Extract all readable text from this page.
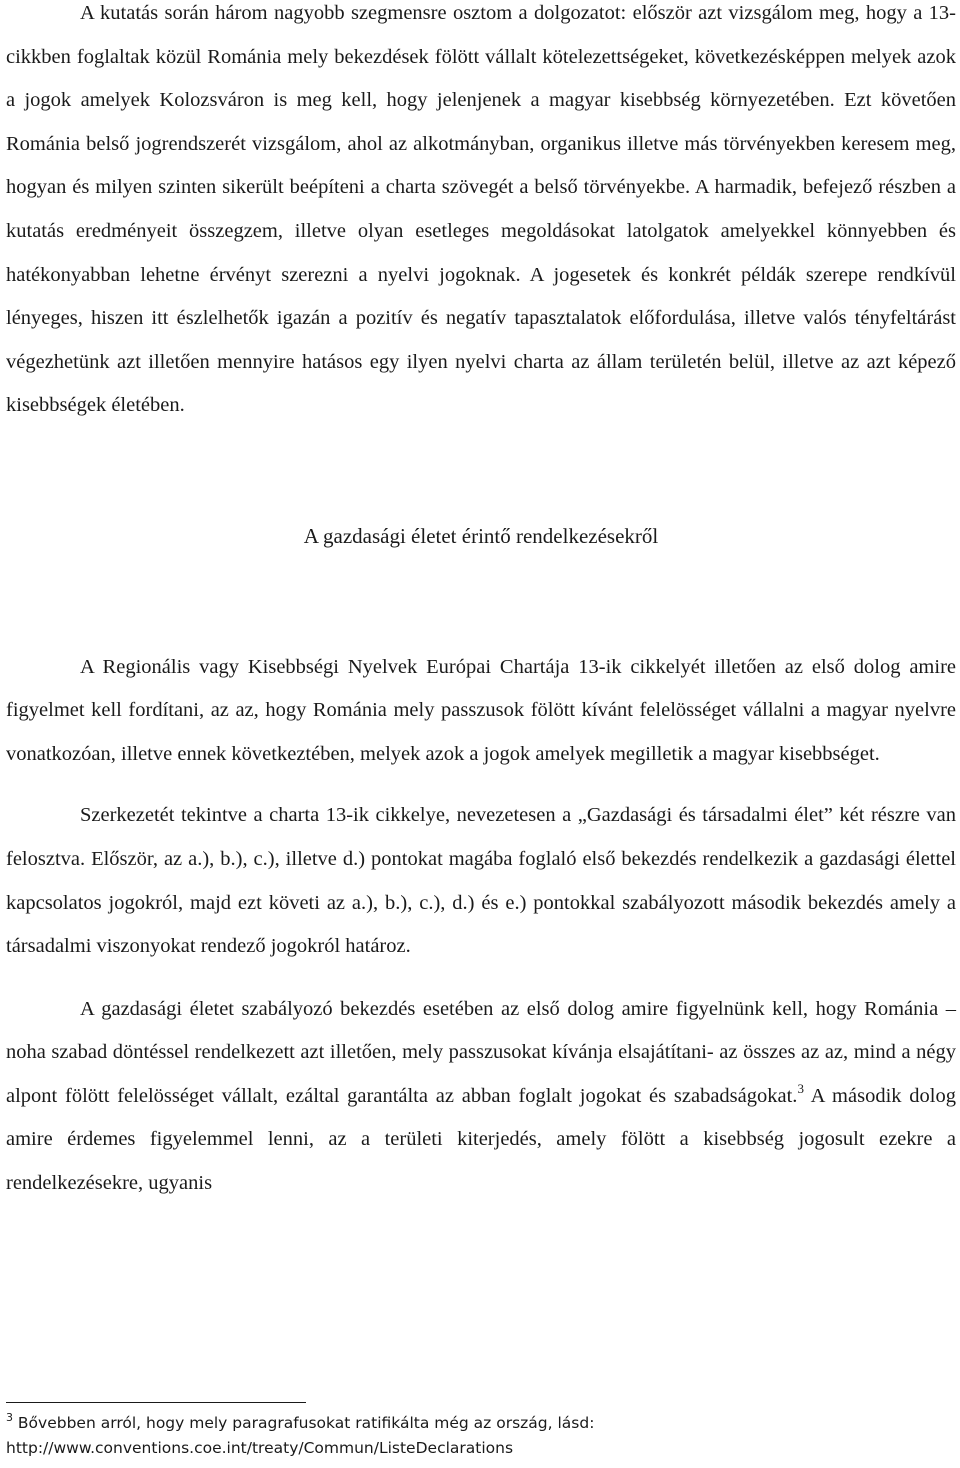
A kutatás során három nagyobb szegmensre osztom a dolgozatot: először azt vizsgálom meg, hogy a 13-cikkben foglaltak közül Románia mely bekezdések fölött vállalt kötelezettségeket, következésképpen melyek azok a jogok amelyek Kolozsváron is meg kell, hogy jelenjenek a magyar kisebbség környezetében. Ezt követően Románia belső jogrendszerét vizsgálom, ahol az alkotmányban, organikus illetve más törvényekben keresem meg, hogyan és milyen szinten sikerült beépíteni a charta szövegét a belső törvényekbe. A harmadik, befejező részben a kutatás eredményeit összegzem, illetve olyan esetleges megoldásokat latolgatok amelyekkel könnyebben és hatékonyabban lehetne érvényt szerezni a nyelvi jogoknak. A jogesetek és konkrét példák szerepe rendkívül lényeges, hiszen itt észlelhetők igazán a pozitív és negatív tapasztalatok előfordulása, illetve valós tényfeltárást végezhetünk azt illetően mennyire hatásos egy ilyen nyelvi charta az állam területén belül, illetve az azt képező kisebbségek életében.

A gazdasági életet érintő rendelkezésekről

A Regionális vagy Kisebbségi Nyelvek Európai Chartája 13-ik cikkelyét illetően az első dolog amire figyelmet kell fordítani, az az, hogy Románia mely passzusok fölött kívánt felelösséget vállalni a magyar nyelvre vonatkozóan, illetve ennek következtében, melyek azok a jogok amelyek megilletik a magyar kisebbséget.

Szerkezetét tekintve a charta 13-ik cikkelye, nevezetesen a „Gazdasági és társadalmi élet” két részre van felosztva. Először, az a.), b.), c.), illetve d.) pontokat magába foglaló első bekezdés rendelkezik a gazdasági élettel kapcsolatos jogokról, majd ezt követi az a.), b.), c.), d.) és e.) pontokkal szabályozott második bekezdés amely a társadalmi viszonyokat rendező jogokról határoz.

A gazdasági életet szabályozó bekezdés esetében az első dolog amire figyelnünk kell, hogy Románia –noha szabad döntéssel rendelkezett azt illetően, mely passzusokat kívánja elsajátítani- az összes az az, mind a négy alpont fölött felelösséget vállalt, ezáltal garantálta az abban foglalt jogokat és szabadságokat.$^3$ A második dolog amire érdemes figyelemmel lenni, az a területi kiterjedés, amely fölött a kisebbség jogosult ezekre a rendelkezésekre, ugyanis

$^3$ Bővebben arról, hogy mely paragrafusokat ratifikálta még az ország, lásd:
http://www.conventions.coe.int/treaty/Commun/ListeDeclarations
